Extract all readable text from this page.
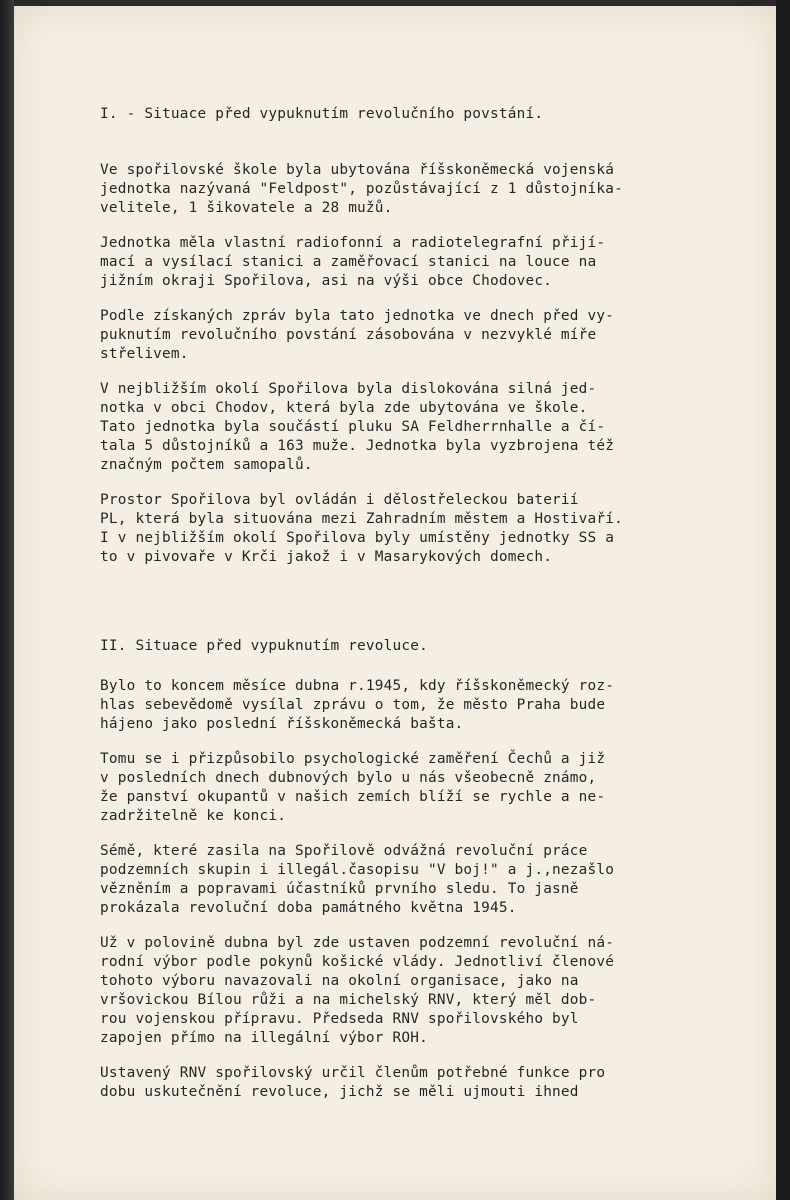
I. - Situace před vypuknutím revolučního povstání.
Ve spořilovské škole byla ubytována říšskoněmecká vojenská
jednotka nazývaná "Feldpost", pozůstávající z 1 důstojníka-
velitele, 1 šikovatele a 28 mužů.
Jednotka měla vlastní radiofonní a radiotelegrafní přijí-
mací a vysílací stanici a zaměřovací stanici na louce na
jižním okraji Spořilova, asi na výši obce Chodovec.
Podle získaných zpráv byla tato jednotka ve dnech před vy-
puknutím revolučního povstání zásobována v nezvyklé míře
střelivem.
V nejbližším okolí Spořilova byla dislokována silná jed-
notka v obci Chodov, která byla zde ubytována ve škole.
Tato jednotka byla součástí pluku SA Feldherrnhalle a čí-
tala 5 důstojníků a 163 muže. Jednotka byla vyzbrojena též
značným počtem samopalů.
Prostor Spořilova byl ovládán i dělostřeleckou baterií
PL, která byla situována mezi Zahradním městem a Hostivaří.
I v nejbližším okolí Spořilova byly umístěny jednotky SS a
to v pivovaře v Krči jakož i v Masarykových domech.
II. Situace před vypuknutím revoluce.
Bylo to koncem měsíce dubna r.1945, kdy říšskoněmecký roz-
hlas sebevědomě vysílal zprávu o tom, že město Praha bude
hájeno jako poslední říšskoněmecká bašta.
Tomu se i přizpůsobilo psychologické zaměření Čechů a již
v posledních dnech dubnových bylo u nás všeobecně známo,
že panství okupantů v našich zemích blíží se rychle a ne-
zadržitelně ke konci.
Sémě, které zasila na Spořilově odvážná revoluční práce
podzemních skupin i illegál.časopisu "V boj!" a j.,nezašlo
vězněním a popravami účastníků prvního sledu. To jasně
prokázala revoluční doba památného května 1945.
Už v polovině dubna byl zde ustaven podzemní revoluční ná-
rodní výbor podle pokynů košické vlády. Jednotliví členové
tohoto výboru navazovali na okolní organisace, jako na
vršovickou Bílou růži a na michelský RNV, který měl dob-
rou vojenskou přípravu. Předseda RNV spořilovského byl
zapojen přímo na illegální výbor ROH.
Ustavený RNV spořilovský určil členům potřebné funkce pro
dobu uskutečnění revoluce, jichž se měli ujmouti ihned
